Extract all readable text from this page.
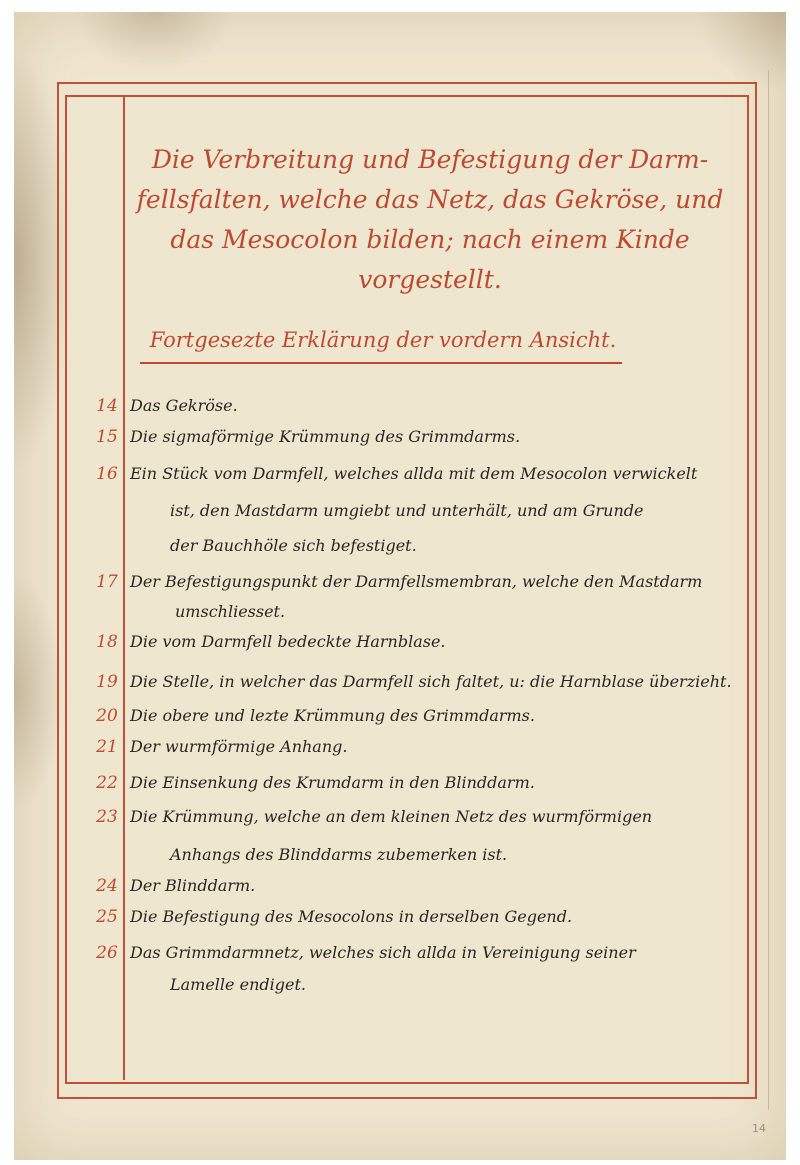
Die Verbreitung und Befestigung der Darm-
fellsfalten, welche das Netz, das Gekröse, und
das Mesocolon bilden; nach einem Kinde
vorgestellt.
Fortgesezte Erklärung der vordern Ansicht.
14 Das Gekröse.
15 Die sigmaförmige Krümmung des Grimmdarms.
16 Ein Stück vom Darmfell, welches allda mit dem Mesocolon verwickelt
ist, den Mastdarm umgiebt und unterhält, und am Grunde
der Bauchhöle sich befestiget.
17 Der Befestigungspunkt der Darmfellsmembran, welche den Mastdarm
umschliesset.
18 Die vom Darmfell bedeckte Harnblase.
19 Die Stelle, in welcher das Darmfell sich faltet, u: die Harnblase überzieht.
20 Die obere und lezte Krümmung des Grimmdarms.
21 Der wurmförmige Anhang.
22 Die Einsenkung des Krumdarm in den Blinddarm.
23 Die Krümmung, welche an dem kleinen Netz des wurmförmigen
Anhangs des Blinddarms zubemerken ist.
24 Der Blinddarm.
25 Die Befestigung des Mesocolons in derselben Gegend.
26 Das Grimmdarmnetz, welches sich allda in Vereinigung seiner
Lamelle endiget.
14
